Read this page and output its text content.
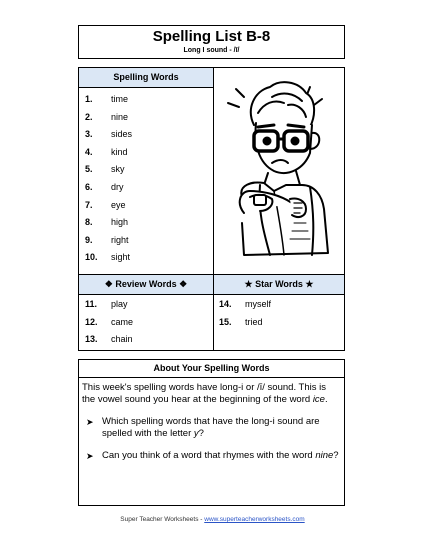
Spelling List B-8
Long I sound - /ī/
Spelling Words
1. time
2. nine
3. sides
4. kind
5. sky
6. dry
7. eye
8. high
9. right
10. sight
❖ Review Words ❖	★ Star Words ★
11. play
12. came
13. chain
14. myself
15. tried
About Your Spelling Words
This week's spelling words have long-i or /ī/ sound. This is the vowel sound you hear at the beginning of the word ice.
➤ Which spelling words that have the long-i sound are spelled with the letter y?
➤ Can you think of a word that rhymes with the word nine?
Super Teacher Worksheets - www.superteacherworksheets.com
